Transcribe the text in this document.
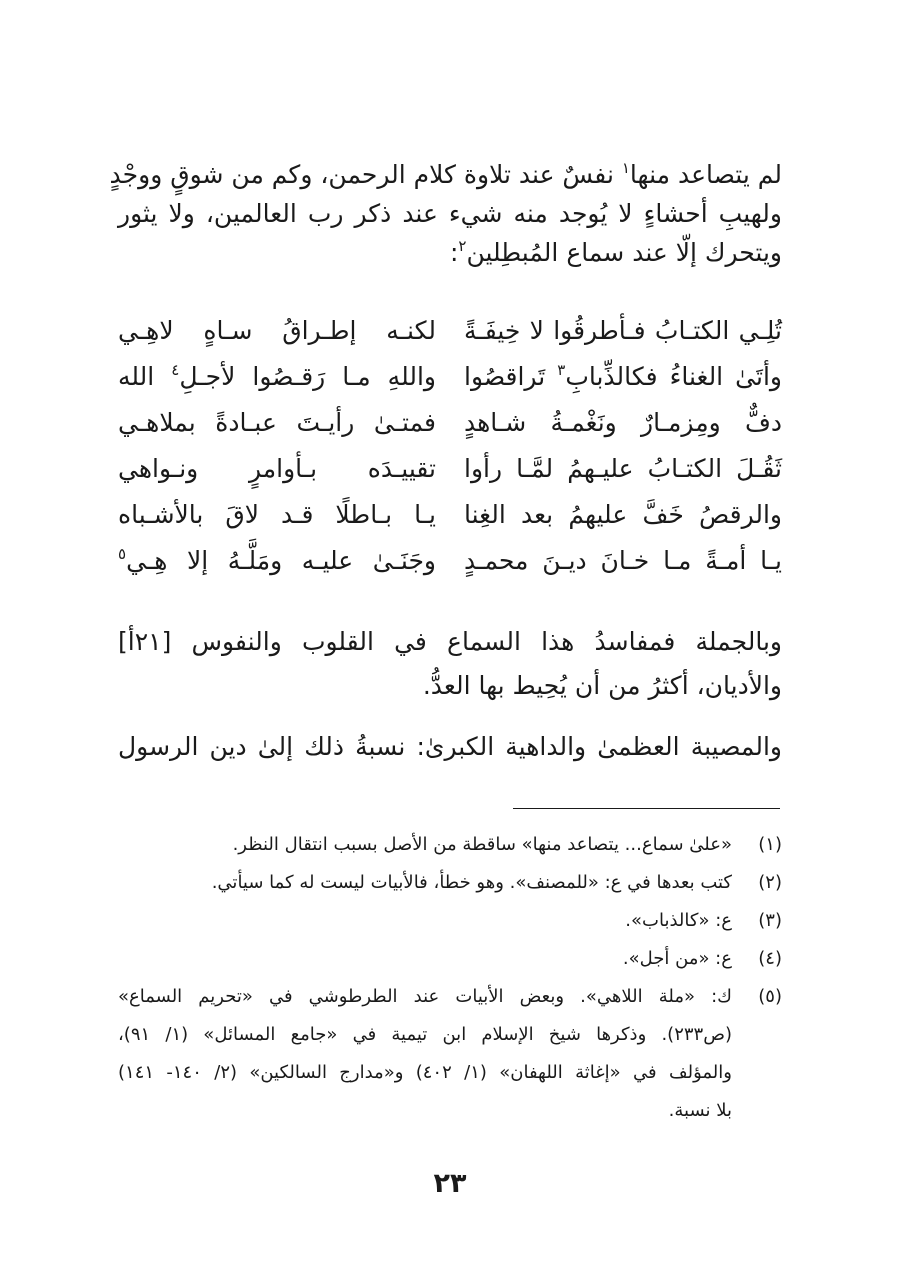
لم يتصاعد منها$^١$ نفسٌ عند تلاوة كلام الرحمن، وكم من شوقٍ ووجْدٍ
ولهيبِ أحشاءٍ لا يُوجد منه شيء عند ذكر رب العالمين، ولا يثور
ويتحرك إلّا عند سماع المُبطِلين$^٢$:
تُلِـي الكتـابُ فـأطرقُوا لا خِيفَـةً
لكنـه إطـراقُ سـاهٍ لاهِـي
وأتَىٰ الغناءُ فكالذِّبابِ$^٣$ تَراقصُوا
واللهِ مـا رَقـصُوا لأجـلِ$^٤$ الله
دفٌّ ومِزمـارٌ ونَغْمـةُ شـاهدٍ
فمتـىٰ رأيـتَ عبـادةً بملاهـي
ثَقُـلَ الكتـابُ عليـهمُ لمَّـا رأوا
تقييـدَه بـأوامرٍ ونـواهي
والرقصُ خَفَّ عليهمُ بعد الغِنا
يـا بـاطلًا قـد لاقَ بالأشـباه
يـا أمـةً مـا خـانَ ديـنَ محمـدٍ
وجَنَـىٰ عليـه ومَلَّـهُ إلا هِـي$^٥$
وبالجملة فمفاسدُ هذا السماع في القلوب والنفوس [٢١أ]
والأديان، أكثرُ من أن يُحِيط بها العدُّ.
والمصيبة العظمىٰ والداهية الكبرىٰ: نسبةُ ذلك إلىٰ دين الرسول
(١)
«علىٰ سماع... يتصاعد منها» ساقطة من الأصل بسبب انتقال النظر.
(٢)
كتب بعدها في ع: «للمصنف». وهو خطأ، فالأبيات ليست له كما سيأتي.
(٣)
ع: «كالذباب».
(٤)
ع: «من أجل».
(٥)
ك: «ملة اللاهي». وبعض الأبيات عند الطرطوشي في «تحريم السماع»
(ص٢٣٣). وذكرها شيخ الإسلام ابن تيمية في «جامع المسائل» (١/ ٩١)،
والمؤلف في «إغاثة اللهفان» (١/ ٤٠٢) و«مدارج السالكين» (٢/ ١٤٠- ١٤١)
بلا نسبة.
٢٣
